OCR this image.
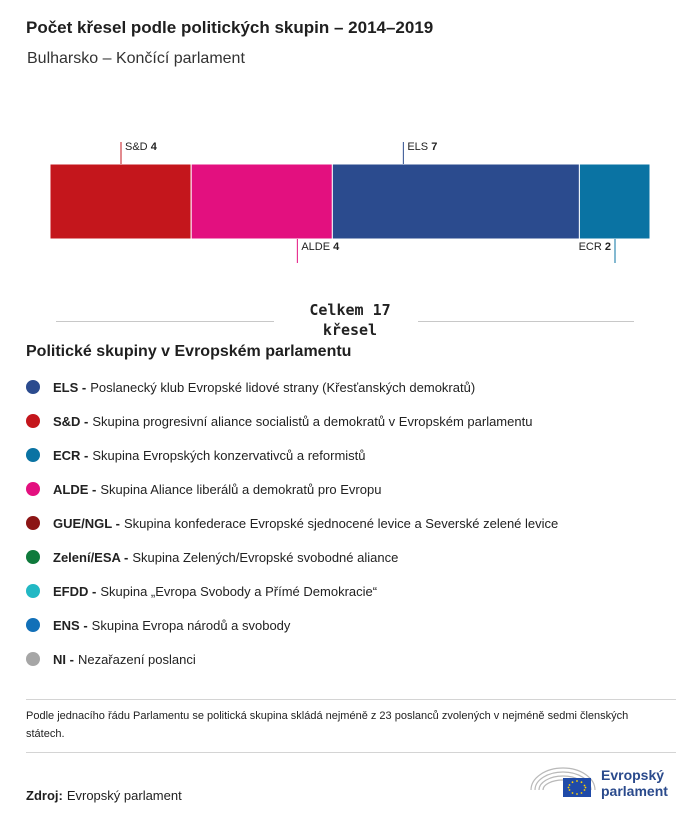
Počet křesel podle politických skupin – 2014–2019
Bulharsko – Končící parlament
S&D 4
ALDE 4
ELS 7
ECR 2
Celkem 17
křesel
Politické skupiny v Evropském parlamentu
ELS - Poslanecký klub Evropské lidové strany (Křesťanských demokratů)
S&D - Skupina progresivní aliance socialistů a demokratů v Evropském parlamentu
ECR - Skupina Evropských konzervativců a reformistů
ALDE - Skupina Aliance liberálů a demokratů pro Evropu
GUE/NGL - Skupina konfederace Evropské sjednocené levice a Severské zelené levice
Zelení/ESA - Skupina Zelených/Evropské svobodné aliance
EFDD - Skupina „Evropa Svobody a Přímé Demokracie“
ENS - Skupina Evropa národů a svobody
NI - Nezařazení poslanci
Podle jednacího řádu Parlamentu se politická skupina skládá nejméně z 23 poslanců zvolených v nejméně sedmi členských státech.
Zdroj: Evropský parlament
Evropský
parlament
